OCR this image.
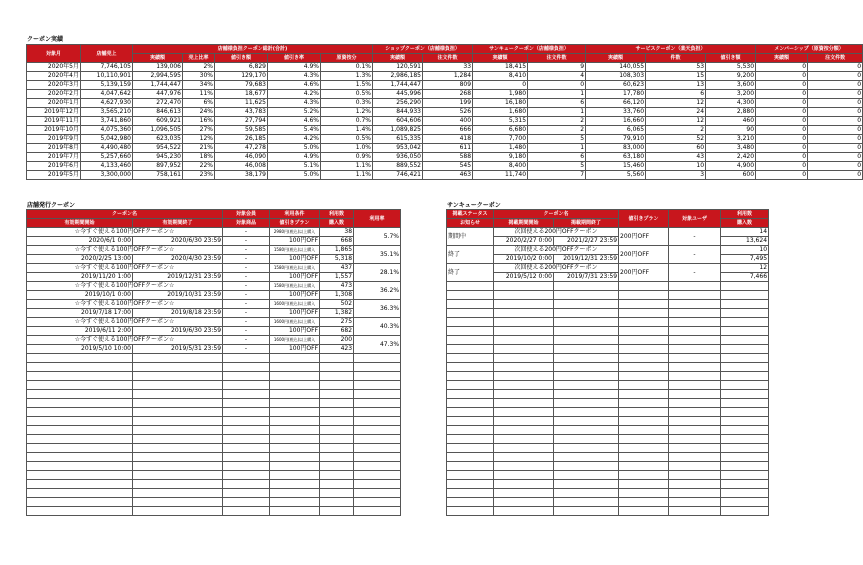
クーポン実績
対象月	店舗売上	店舗様負担クーポン総計(合計)					ショップクーポン（店舗様負担）		サンキュークーポン（店舗様負担）		サービスクーポン（楽天負担）			メンバーシップ（原資按分額）	
		実績額	売上比率	値引き額	値引き率	原資按分	実績額	注文件数	実績額	注文件数	実績額	件数	値引き額	実績額	注文件数
2020年5月	7,746,105	139,006	2%	6,829	4.9%	0.1%	120,591	33	18,415	9	140,055	53	5,530	0	0
2020年4月	10,110,901	2,994,595	30%	129,170	4.3%	1.3%	2,986,185	1,284	8,410	4	108,303	15	9,200	0	0
2020年3月	5,139,159	1,744,447	34%	79,683	4.6%	1.5%	1,744,447	809	0	0	60,623	13	3,600	0	0
2020年2月	4,047,642	447,976	11%	18,677	4.2%	0.5%	445,996	268	1,980	1	17,780	6	3,200	0	0
2020年1月	4,627,930	272,470	6%	11,625	4.3%	0.3%	256,290	199	16,180	6	66,120	12	4,300	0	0
2019年12月	3,565,210	846,613	24%	43,783	5.2%	1.2%	844,933	526	1,680	1	33,760	24	2,880	0	0
2019年11月	3,741,860	609,921	16%	27,794	4.6%	0.7%	604,606	400	5,315	2	16,660	12	460	0	0
2019年10月	4,075,360	1,096,505	27%	59,585	5.4%	1.4%	1,089,825	666	6,680	2	6,065	2	90	0	0
2019年9月	5,042,980	623,035	12%	26,185	4.2%	0.5%	615,335	418	7,700	5	79,910	52	3,210	0	0
2019年8月	4,490,480	954,522	21%	47,278	5.0%	1.0%	953,042	611	1,480	1	83,000	60	3,480	0	0
2019年7月	5,257,660	945,230	18%	46,090	4.9%	0.9%	936,050	588	9,180	6	63,180	43	2,420	0	0
2019年6月	4,133,460	897,952	22%	46,008	5.1%	1.1%	889,552	545	8,400	5	15,460	10	4,900	0	0
2019年5月	3,300,000	758,161	23%	38,179	5.0%	1.1%	746,421	463	11,740	7	5,560	3	600	0	0
店舗発行クーポン
クーポン名		対象会員	利用条件	利用数	利用率
有効期間開始	有効期間終了	対象商品	値引きプラン	購入数	
☆今すぐ使える100円OFFクーポン☆		-	2980円(税込)以上購入	38	5.7%
2020/6/1 0:00	2020/6/30 23:59	-	100円OFF	668	
☆今すぐ使える100円OFFクーポン☆		-	1580円(税込)以上購入	1,865	35.1%
2020/2/25 13:00	2020/4/30 23:59	-	100円OFF	5,318	
☆今すぐ使える100円OFFクーポン☆		-	1580円(税込)以上購入	437	28.1%
2019/11/20 1:00	2019/12/31 23:59	-	100円OFF	1,557	
☆今すぐ使える100円OFFクーポン☆		-	1580円(税込)以上購入	473	36.2%
2019/10/1 0:00	2019/10/31 23:59	-	100円OFF	1,308	
☆今すぐ使える100円OFFクーポン☆		-	1600円(税込)以上購入	502	36.3%
2019/7/18 17:00	2019/8/18 23:59	-	100円OFF	1,382	
☆今すぐ使える100円OFFクーポン☆		-	1600円(税込)以上購入	275	40.3%
2019/6/11 2:00	2019/6/30 23:59	-	100円OFF	682	
☆今すぐ使える100円OFFクーポン☆		-	1600円(税込)以上購入	200	47.3%
2019/5/10 10:00	2019/5/31 23:59	-	100円OFF	423	

サンキュークーポン
掲載ステータス	クーポン名		値引きプラン	対象ユーザ	利用数
お知らせ	掲載期間開始	掲載期間終了			購入数
期間中	次回使える200円OFFクーポン		200円OFF	-	14
	2020/2/27 0:00	2021/2/27 23:59			13,624
終了	次回使える200円OFFクーポン		200円OFF	-	10
	2019/10/2 0:00	2019/12/31 23:59			7,495
終了	次回使える200円OFFクーポン		200円OFF	-	12
	2019/5/12 0:00	2019/7/31 23:59			7,466
